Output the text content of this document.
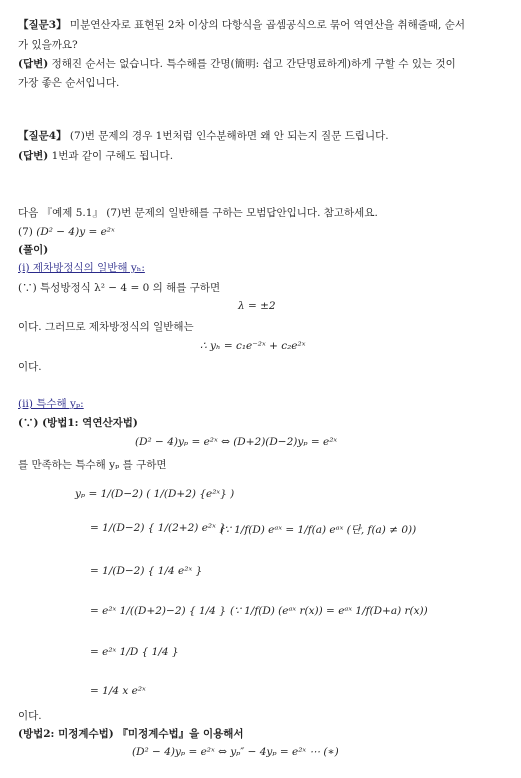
【질문3】 미분연산자로 표현된 2차 이상의 다항식을 곱셈공식으로 묶어 역연산을 취해줄때, 순서
가 있을까요?
(답변) 정해진 순서는 없습니다. 특수해를 간명(簡明: 쉽고 간단명료하게)하게 구할 수 있는 것이
가장 좋은 순서입니다.
【질문4】 (7)번 문제의 경우 1번처럼 인수분해하면 왜 안 되는지 질문 드립니다.
(답변) 1번과 같이 구해도 됩니다.
다음 『예제 5.1』 (7)번 문제의 일반해를 구하는 모범답안입니다. 참고하세요.
(7) (D² − 4)y = e²ˣ
(풀이)
(i) 제차방정식의 일반해 yₕ:
(∵) 특성방정식 λ² − 4 = 0 의 해를 구하면
λ = ±2
이다. 그러므로 제차방정식의 일반해는
∴ yₕ = c₁e⁻²ˣ + c₂e²ˣ
이다.
(ii) 특수해 yₚ:
(∵) (방법1: 역연산자법)
(D² − 4)yₚ = e²ˣ ⇔ (D+2)(D−2)yₚ = e²ˣ
를 만족하는 특수해 yₚ 를 구하면
yₚ = 1/(D−2) ( 1/(D+2) {e²ˣ} )
= 1/(D−2) { 1/(2+2) e²ˣ }
(∵ 1/f(D) eᵃˣ = 1/f(a) eᵃˣ (단, f(a) ≠ 0))
= 1/(D−2) { 1/4 e²ˣ }
= e²ˣ 1/((D+2)−2) { 1/4 } (∵ 1/f(D) (eᵃˣ r(x)) = eᵃˣ 1/f(D+a) r(x))
= e²ˣ 1/D { 1/4 }
= 1/4 x e²ˣ
이다.
(방법2: 미정계수법) 『미정계수법』을 이용해서
(D² − 4)yₚ = e²ˣ ⇔ yₚ″ − 4yₚ = e²ˣ ⋯ (∗)
